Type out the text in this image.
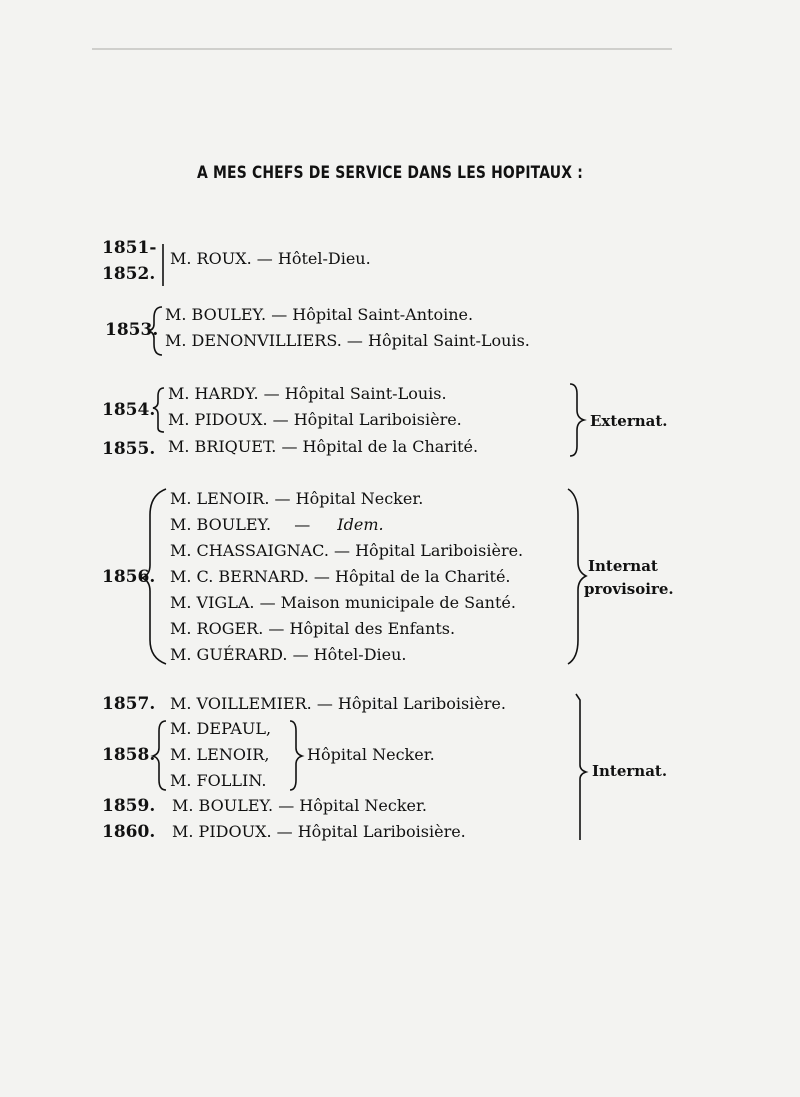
A MES CHEFS DE SERVICE DANS LES HOPITAUX :
1851-
1852.
M. ROUX. — Hôtel-Dieu.
1853.
M. BOULEY. — Hôpital Saint-Antoine.
M. DENONVILLIERS. — Hôpital Saint-Louis.
1854.
1855.
M. HARDY. — Hôpital Saint-Louis.
M. PIDOUX. — Hôpital Lariboisière.
M. BRIQUET. — Hôpital de la Charité.
Externat.
1856.
M. LENOIR. — Hôpital Necker.
M. BOULEY. — Idem.
M. CHASSAIGNAC. — Hôpital Lariboisière.
M. C. BERNARD. — Hôpital de la Charité.
M. VIGLA. — Maison municipale de Santé.
M. ROGER. — Hôpital des Enfants.
M. GUÉRARD. — Hôtel-Dieu.
Internat
provisoire.
1857. M. VOILLEMIER. — Hôpital Lariboisière.
1858.
M. DEPAUL,
M. LENOIR,
M. FOLLIN.
Hôpital Necker.
1859. M. BOULEY. — Hôpital Necker.
1860. M. PIDOUX. — Hôpital Lariboisière.
Internat.
